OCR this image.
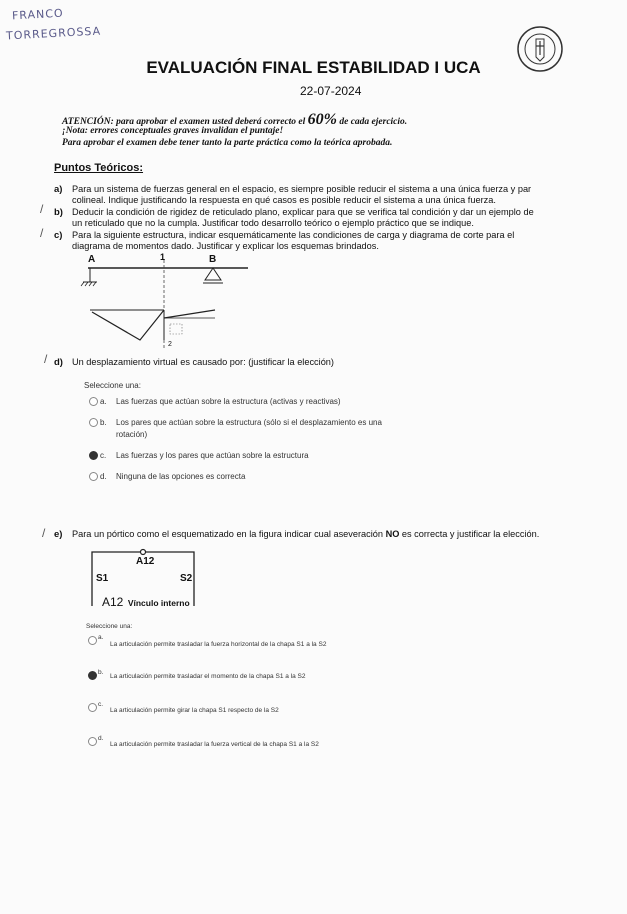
FRANCO
TORREGROSSA
EVALUACIÓN FINAL ESTABILIDAD I UCA
22-07-2024
ATENCIÓN: para aprobar el examen usted deberá correcto el 60% de cada ejercicio.
¡Nota: errores conceptuales graves invalidan el puntaje!
Para aprobar el examen debe tener tanto la parte práctica como la teórica aprobada.
Puntos Teóricos:
a) Para un sistema de fuerzas general en el espacio, es siempre posible reducir el sistema a una única fuerza y par colineal. Indique justificando la respuesta en qué casos es posible reducir el sistema a una única fuerza.
/ b) Deducir la condición de rigidez de reticulado plano, explicar para que se verifica tal condición y dar un ejemplo de un reticulado que no la cumpla. Justificar todo desarrollo teórico o ejemplo práctico que se indique.
/ c) Para la siguiente estructura, indicar esquemáticamente las condiciones de carga y diagrama de corte para el diagrama de momentos dado. Justificar y explicar los esquemas brindados.
A	1	B
2
/ d) Un desplazamiento virtual es causado por: (justificar la elección)
Seleccione una:
a. Las fuerzas que actúan sobre la estructura (activas y reactivas)
b. Los pares que actúan sobre la estructura (sólo si el desplazamiento es una
rotación)
c. Las fuerzas y los pares que actúan sobre la estructura
d. Ninguna de las opciones es correcta
/ e) Para un pórtico como el esquematizado en la figura indicar cual aseveración NO es correcta y justificar la elección.
A12
S1	S2
A12 Vínculo interno
Seleccione una:
a.
La articulación permite trasladar la fuerza horizontal de la chapa S1 a la S2
b.
La articulación permite trasladar el momento de la chapa S1 a la S2
c.
La articulación permite girar la chapa S1 respecto de la S2
d.
La articulación permite trasladar la fuerza vertical de la chapa S1 a la S2
